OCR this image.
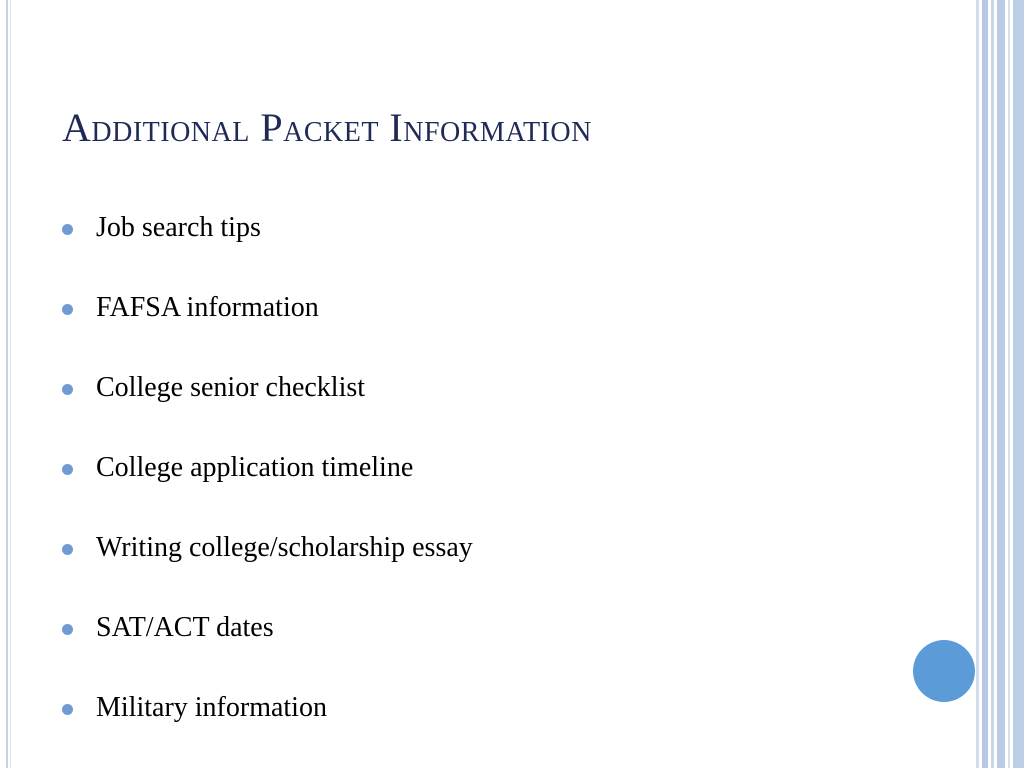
Additional Packet Information
Job search tips
FAFSA information
College senior checklist
College application timeline
Writing college/scholarship essay
SAT/ACT dates
Military information
